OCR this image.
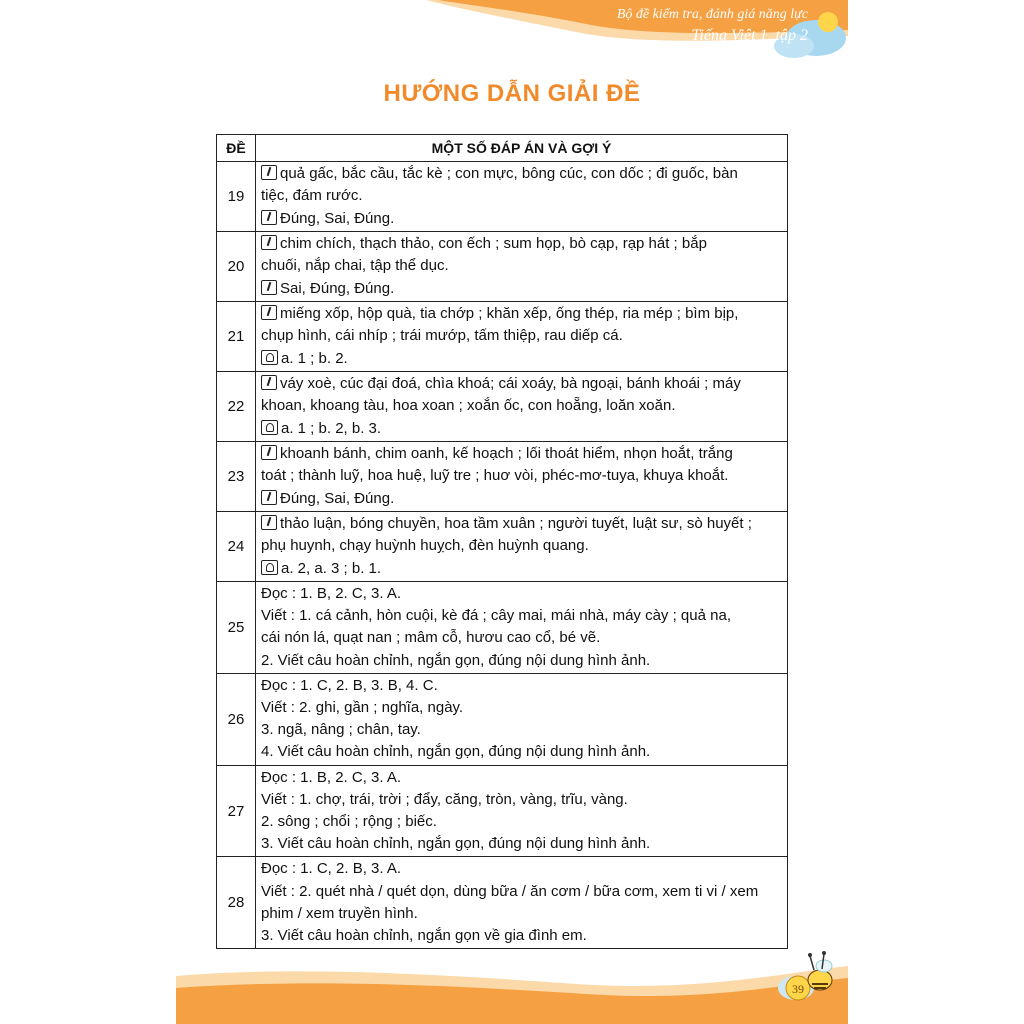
Bộ đề kiểm tra, đánh giá năng lực
Tiếng Việt 1, tập 2
HƯỚNG DẪN GIẢI ĐỀ
ĐỀ	MỘT SỐ ĐÁP ÁN VÀ GỢI Ý
19	quả gấc, bắc cầu, tắc kè ; con mực, bông cúc, con dốc ; đi guốc, bàn
tiệc, đám rước.
Đúng, Sai, Đúng.

20	chim chích, thạch thảo, con ếch ; sum họp, bò cạp, rạp hát ; bắp
chuối, nắp chai, tập thể dục.
Sai, Đúng, Đúng.

21	miếng xốp, hộp quà, tia chớp ; khăn xếp, ống thép, ria mép ; bìm bịp,
chụp hình, cái nhíp ; trái mướp, tấm thiệp, rau diếp cá.
a. 1 ; b. 2.

22	váy xoè, cúc đại đoá, chìa khoá; cái xoáy, bà ngoại, bánh khoái ; máy
khoan, khoang tàu, hoa xoan ; xoắn ốc, con hoẵng, loăn xoăn.
a. 1 ; b. 2, b. 3.

23	khoanh bánh, chim oanh, kế hoạch ; lối thoát hiểm, nhọn hoắt, trắng
toát ; thành luỹ, hoa huệ, luỹ tre ; huơ vòi, phéc-mơ-tuya, khuya khoắt.
Đúng, Sai, Đúng.

24	thảo luận, bóng chuyền, hoa tầm xuân ; người tuyết, luật sư, sò huyết ;
phụ huynh, chạy huỳnh huỵch, đèn huỳnh quang.
a. 2, a. 3 ; b. 1.

25	Đọc : 1. B, 2. C, 3. A.
Viết : 1. cá cảnh, hòn cuội, kè đá ; cây mai, mái nhà, máy cày ; quả na,
cái nón lá, quạt nan ; mâm cỗ, hươu cao cổ, bé vẽ.
2. Viết câu hoàn chỉnh, ngắn gọn, đúng nội dung hình ảnh.

26	Đọc : 1. C, 2. B, 3. B, 4. C.
Viết : 2. ghi, gần ; nghĩa, ngày.
3. ngã, nâng ; chân, tay.
4. Viết câu hoàn chỉnh, ngắn gọn, đúng nội dung hình ảnh.

27	Đọc : 1. B, 2. C, 3. A.
Viết : 1. chợ, trái, trời ; đẩy, căng, tròn, vàng, trĩu, vàng.
2. sông ; chổi ; rộng ; biếc.
3. Viết câu hoàn chỉnh, ngắn gọn, đúng nội dung hình ảnh.

28	Đọc : 1. C, 2. B, 3. A.
Viết : 2. quét nhà / quét dọn, dùng bữa / ăn cơm / bữa cơm, xem ti vi / xem
phim / xem truyền hình.
3. Viết câu hoàn chỉnh, ngắn gọn về gia đình em.
39
